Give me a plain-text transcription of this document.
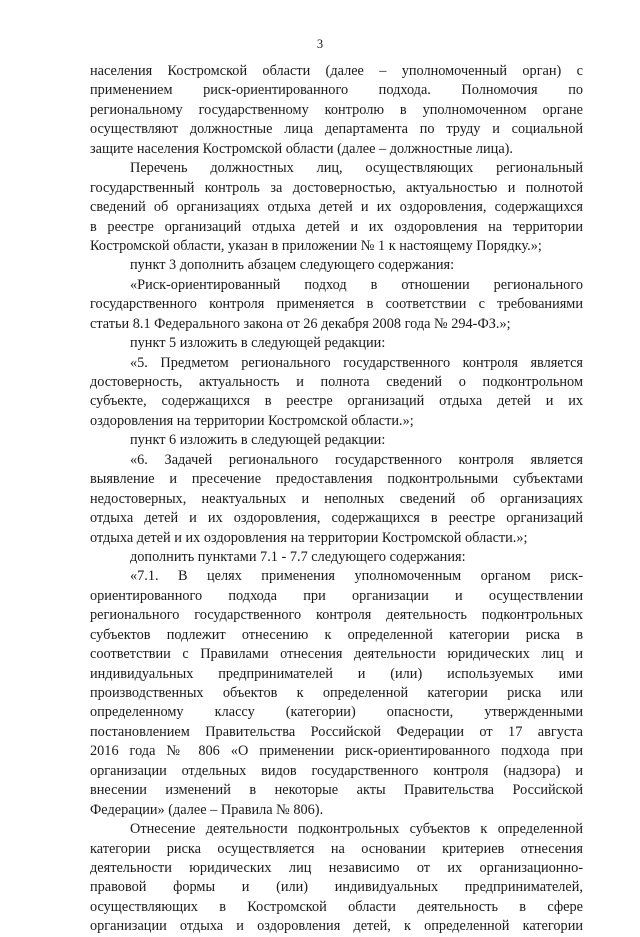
3
населения Костромской области (далее – уполномоченный орган) с
применением риск-ориентированного подхода. Полномочия по
региональному государственному контролю в уполномоченном органе
осуществляют должностные лица департамента по труду и социальной
защите населения Костромской области (далее – должностные лица).
Перечень должностных лиц, осуществляющих региональный
государственный контроль за достоверностью, актуальностью и полнотой
сведений об организациях отдыха детей и их оздоровления, содержащихся
в реестре организаций отдыха детей и их оздоровления на территории
Костромской области, указан в приложении № 1 к настоящему Порядку.»;
пункт 3 дополнить абзацем следующего содержания:
«Риск-ориентированный подход в отношении регионального
государственного контроля применяется в соответствии с требованиями
статьи 8.1 Федерального закона от 26 декабря 2008 года № 294-ФЗ.»;
пункт 5 изложить в следующей редакции:
«5. Предметом регионального государственного контроля является
достоверность, актуальность и полнота сведений о подконтрольном
субъекте, содержащихся в реестре организаций отдыха детей и их
оздоровления на территории Костромской области.»;
пункт 6 изложить в следующей редакции:
«6. Задачей регионального государственного контроля является
выявление и пресечение предоставления подконтрольными субъектами
недостоверных, неактуальных и неполных сведений об организациях
отдыха детей и их оздоровления, содержащихся в реестре организаций
отдыха детей и их оздоровления на территории Костромской области.»;
дополнить пунктами 7.1 - 7.7 следующего содержания:
«7.1. В целях применения уполномоченным органом риск-
ориентированного подхода при организации и осуществлении
регионального государственного контроля деятельность подконтрольных
субъектов подлежит отнесению к определенной категории риска в
соответствии с Правилами отнесения деятельности юридических лиц и
индивидуальных предпринимателей и (или) используемых ими
производственных объектов к определенной категории риска или
определенному классу (категории) опасности, утвержденными
постановлением Правительства Российской Федерации от 17 августа
2016 года № 806 «О применении риск-ориентированного подхода при
организации отдельных видов государственного контроля (надзора) и
внесении изменений в некоторые акты Правительства Российской
Федерации» (далее – Правила № 806).
Отнесение деятельности подконтрольных субъектов к определенной
категории риска осуществляется на основании критериев отнесения
деятельности юридических лиц независимо от их организационно-
правовой формы и (или) индивидуальных предпринимателей,
осуществляющих в Костромской области деятельность в сфере
организации отдыха и оздоровления детей, к определенной категории
